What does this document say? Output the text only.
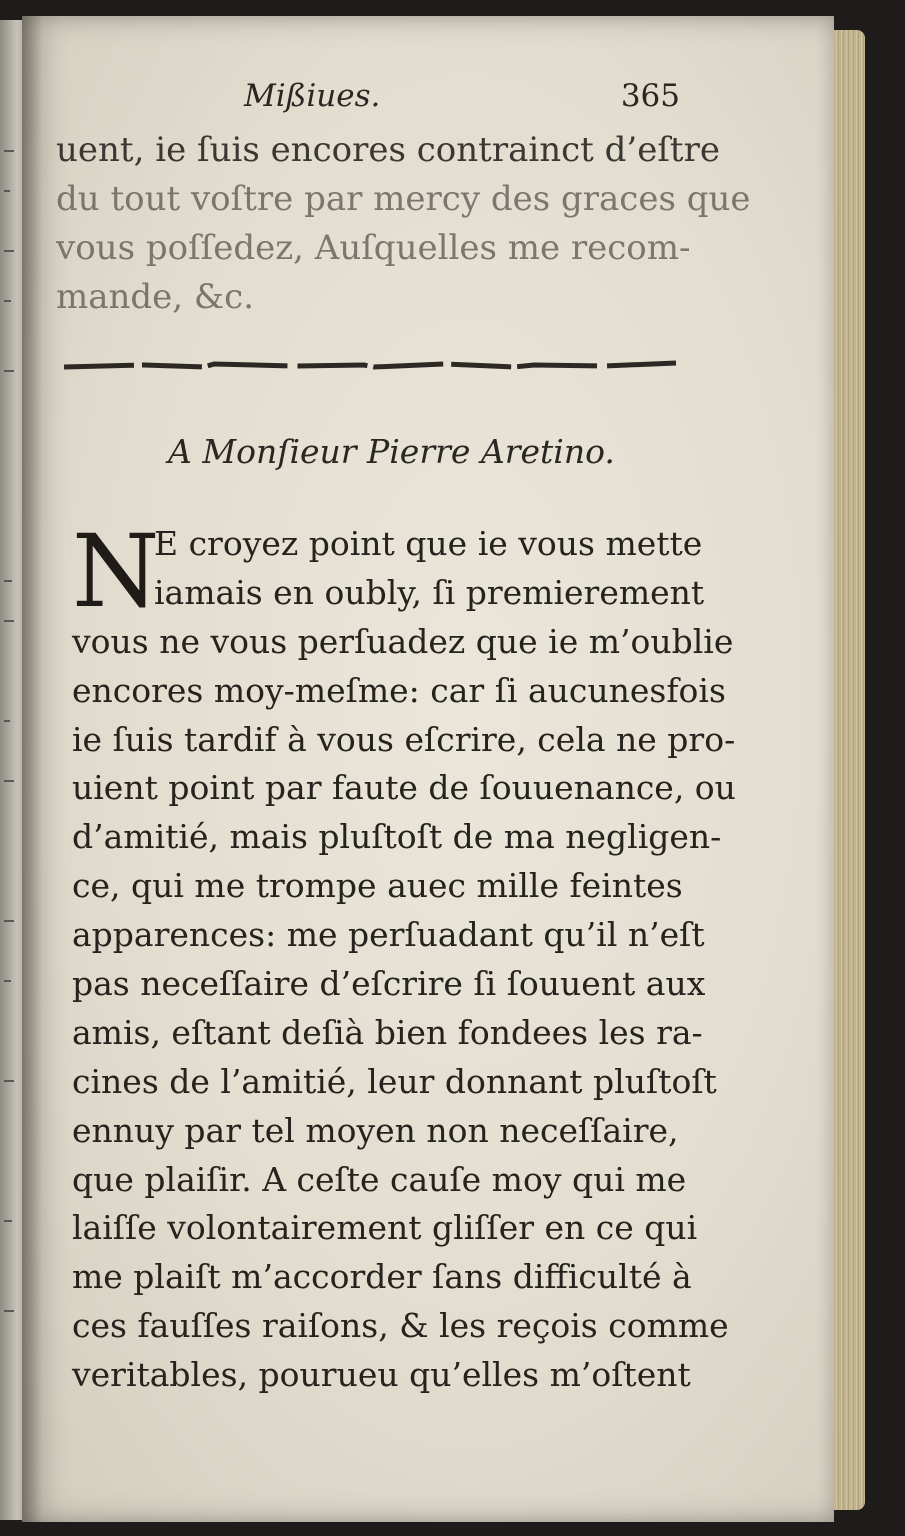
Mißiues.	365
uent, ie ſuis encores contrainct d’eſtre
du tout voſtre par mercy des graces que
vous poſſedez, Auſquelles me recom-
mande, &c.
A Monſieur Pierre Aretino.
N
E croyez point que ie vous mette
iamais en oubly, ſi premierement
vous ne vous perſuadez que ie m’oublie
encores moy-meſme: car ſi aucunesfois
ie ſuis tardif à vous eſcrire, cela ne pro-
uient point par faute de ſouuenance, ou
d’amitié, mais pluſtoſt de ma negligen-
ce, qui me trompe auec mille feintes
apparences: me perſuadant qu’il n’eſt
pas neceſſaire d’eſcrire ſi ſouuent aux
amis, eſtant deſià bien fondees les ra-
cines de l’amitié, leur donnant pluſtoſt
ennuy par tel moyen non neceſſaire,
que plaiſir. A ceſte cauſe moy qui me
laiſſe volontairement gliſſer en ce qui
me plaiſt m’accorder ſans difficulté à
ces fauſſes raiſons, & les reçois comme
veritables, pourueu qu’elles m’oſtent
